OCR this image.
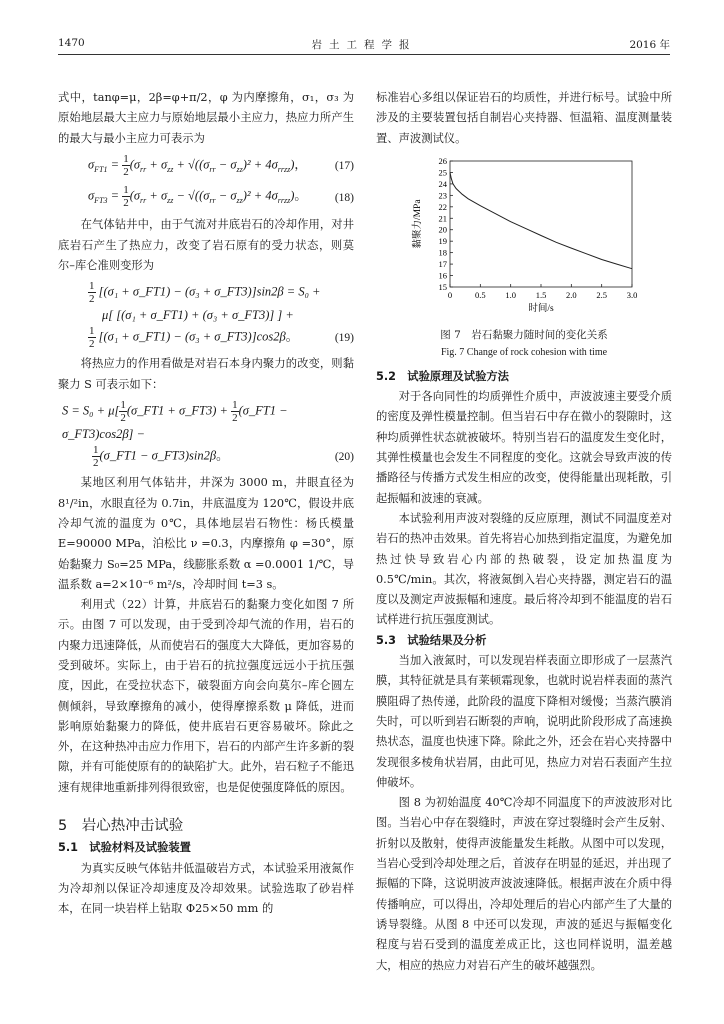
1470	岩土工程学报	2016 年

式中，tanφ=μ，2β=φ+π/2，φ 为内摩擦角，σ₁，σ₃ 为原始地层最大主应力与原始地层最小主应力，热应力所产生的最大与最小主应力可表示为

$\sigma_{FT1} = \frac{1}{2} (\sigma_{rr} + \sigma_{zz} + √((\sigma_{rr} - \sigma_{zz})^2 + 4\sigma_{rrzz})$， (17)
$\sigma_{FT3} = \frac{1}{2} (\sigma_{rr} + \sigma_{zz} - √((\sigma_{rr} - \sigma_{zz})^2 + 4\sigma_{rrzz})$。 (18)

在气体钻井中，由于气流对井底岩石的冷却作用，对井底岩石产生了热应力，改变了岩石原有的受力状态，则莫尔–库仑准则变形为

$\frac{1}{2} [(\sigma_1$ + σ_FT1) − (σ₃ + σ_FT3)]sin2β = S₀ +
μ[ [(σ₁ + σ_FT1) + (σ₃ + σ_FT3)] ] +
$\frac{1}{2} [(\sigma_1$ + σ_FT1) − (σ₃ + σ_FT3)]cos2β。	(19)

将热应力的作用看做是对岩石本身内聚力的改变，则黏聚力 S 可表示如下：

$S = S_0 + \mu[ \frac{1}{2}$ (σ_FT1 + σ_FT3) + $\frac{1}{2}$ (σ_FT1 − σ_FT3)cos2β] −
$\frac{1}{2}$ (σ_FT1 − σ_FT3)sin2β。	(20)

某地区利用气体钻井，井深为 3000 m，井眼直径为 8¹/²in，水眼直径为 0.7in，井底温度为 120℃，假设井底冷却气流的温度为 0℃，具体地层岩石物性：杨氏模量 E=90000 MPa，泊松比 ν =0.3，内摩擦角 φ =30°，原始黏聚力 S₀=25 MPa，线膨胀系数 α =0.0001 1/℃，导温系数 a=2×10⁻⁶ m²/s，冷却时间 t=3 s。

利用式（22）计算，井底岩石的黏聚力变化如图 7 所示。由图 7 可以发现，由于受到冷却气流的作用，岩石的内聚力迅速降低，从而使岩石的强度大大降低，更加容易的受到破坏。实际上，由于岩石的抗拉强度远远小于抗压强度，因此，在受拉状态下，破裂面方向会向莫尔–库仑圆左侧倾斜，导致摩擦角的减小，使得摩擦系数 μ 降低，进而影响原始黏聚力的降低，使井底岩石更容易破坏。除此之外，在这种热冲击应力作用下，岩石的内部产生许多新的裂隙，并有可能使原有的的缺陷扩大。此外，岩石粒子不能迅速有规律地重新排列得很致密，也是促使强度降低的原因。

5　岩心热冲击试验
5.1　试验材料及试验装置

为真实反映气体钻井低温破岩方式，本试验采用液氮作为冷却剂以保证冷却速度及冷却效果。试验选取了砂岩样本，在同一块岩样上钻取 Φ25×50 mm 的

标准岩心多组以保证岩石的均质性，并进行标号。试验中所涉及的主要装置包括自制岩心夹持器、恒温箱、温度测量装置、声波测试仪。

0	0.5 1.0 1.5 2.0 2.5 3.0
15
16
17
18
19
20
21
22
23
24
25
26
时间/s
黏聚力/MPa
图 7　岩石黏聚力随时间的变化关系
Fig. 7 Change of rock cohesion with time
5.2　试验原理及试验方法

对于各向同性的均质弹性介质中，声波波速主要受介质的密度及弹性模量控制。但当岩石中存在微小的裂隙时，这种均质弹性状态就被破坏。特别当岩石的温度发生变化时，其弹性模量也会发生不同程度的变化。这就会导致声波的传播路径与传播方式发生相应的改变，使得能量出现耗散，引起振幅和波速的衰减。

本试验利用声波对裂缝的反应原理，测试不同温度差对岩石的热冲击效果。首先将岩心加热到指定温度，为避免加热过快导致岩心内部的热破裂，设定加热温度为 0.5℃/min。其次，将液氮倒入岩心夹持器，测定岩石的温度以及测定声波振幅和速度。最后将冷却到不能温度的岩石试样进行抗压强度测试。

5.3　试验结果及分析

当加入液氮时，可以发现岩样表面立即形成了一层蒸汽膜，其特征就是具有莱顿霜现象，也就时说岩样表面的蒸汽膜阻碍了热传递，此阶段的温度下降相对缓慢；当蒸汽膜消失时，可以听到岩石断裂的声响，说明此阶段形成了高速换热状态，温度也快速下降。除此之外，还会在岩心夹持器中发现很多棱角状岩屑，由此可见，热应力对岩石表面产生拉伸破坏。

图 8 为初始温度 40℃冷却不同温度下的声波波形对比图。当岩心中存在裂缝时，声波在穿过裂缝时会产生反射、折射以及散射，使得声波能量发生耗散。从图中可以发现，当岩心受到冷却处理之后，首波存在明显的延迟，并出现了振幅的下降，这说明波声波波速降低。根据声波在介质中得传播响应，可以得出，冷却处理后的岩心内部产生了大量的诱导裂缝。从图 8 中还可以发现，声波的延迟与振幅变化程度与岩石受到的温度差成正比，这也同样说明，温差越大，相应的热应力对岩石产生的破坏越强烈。
